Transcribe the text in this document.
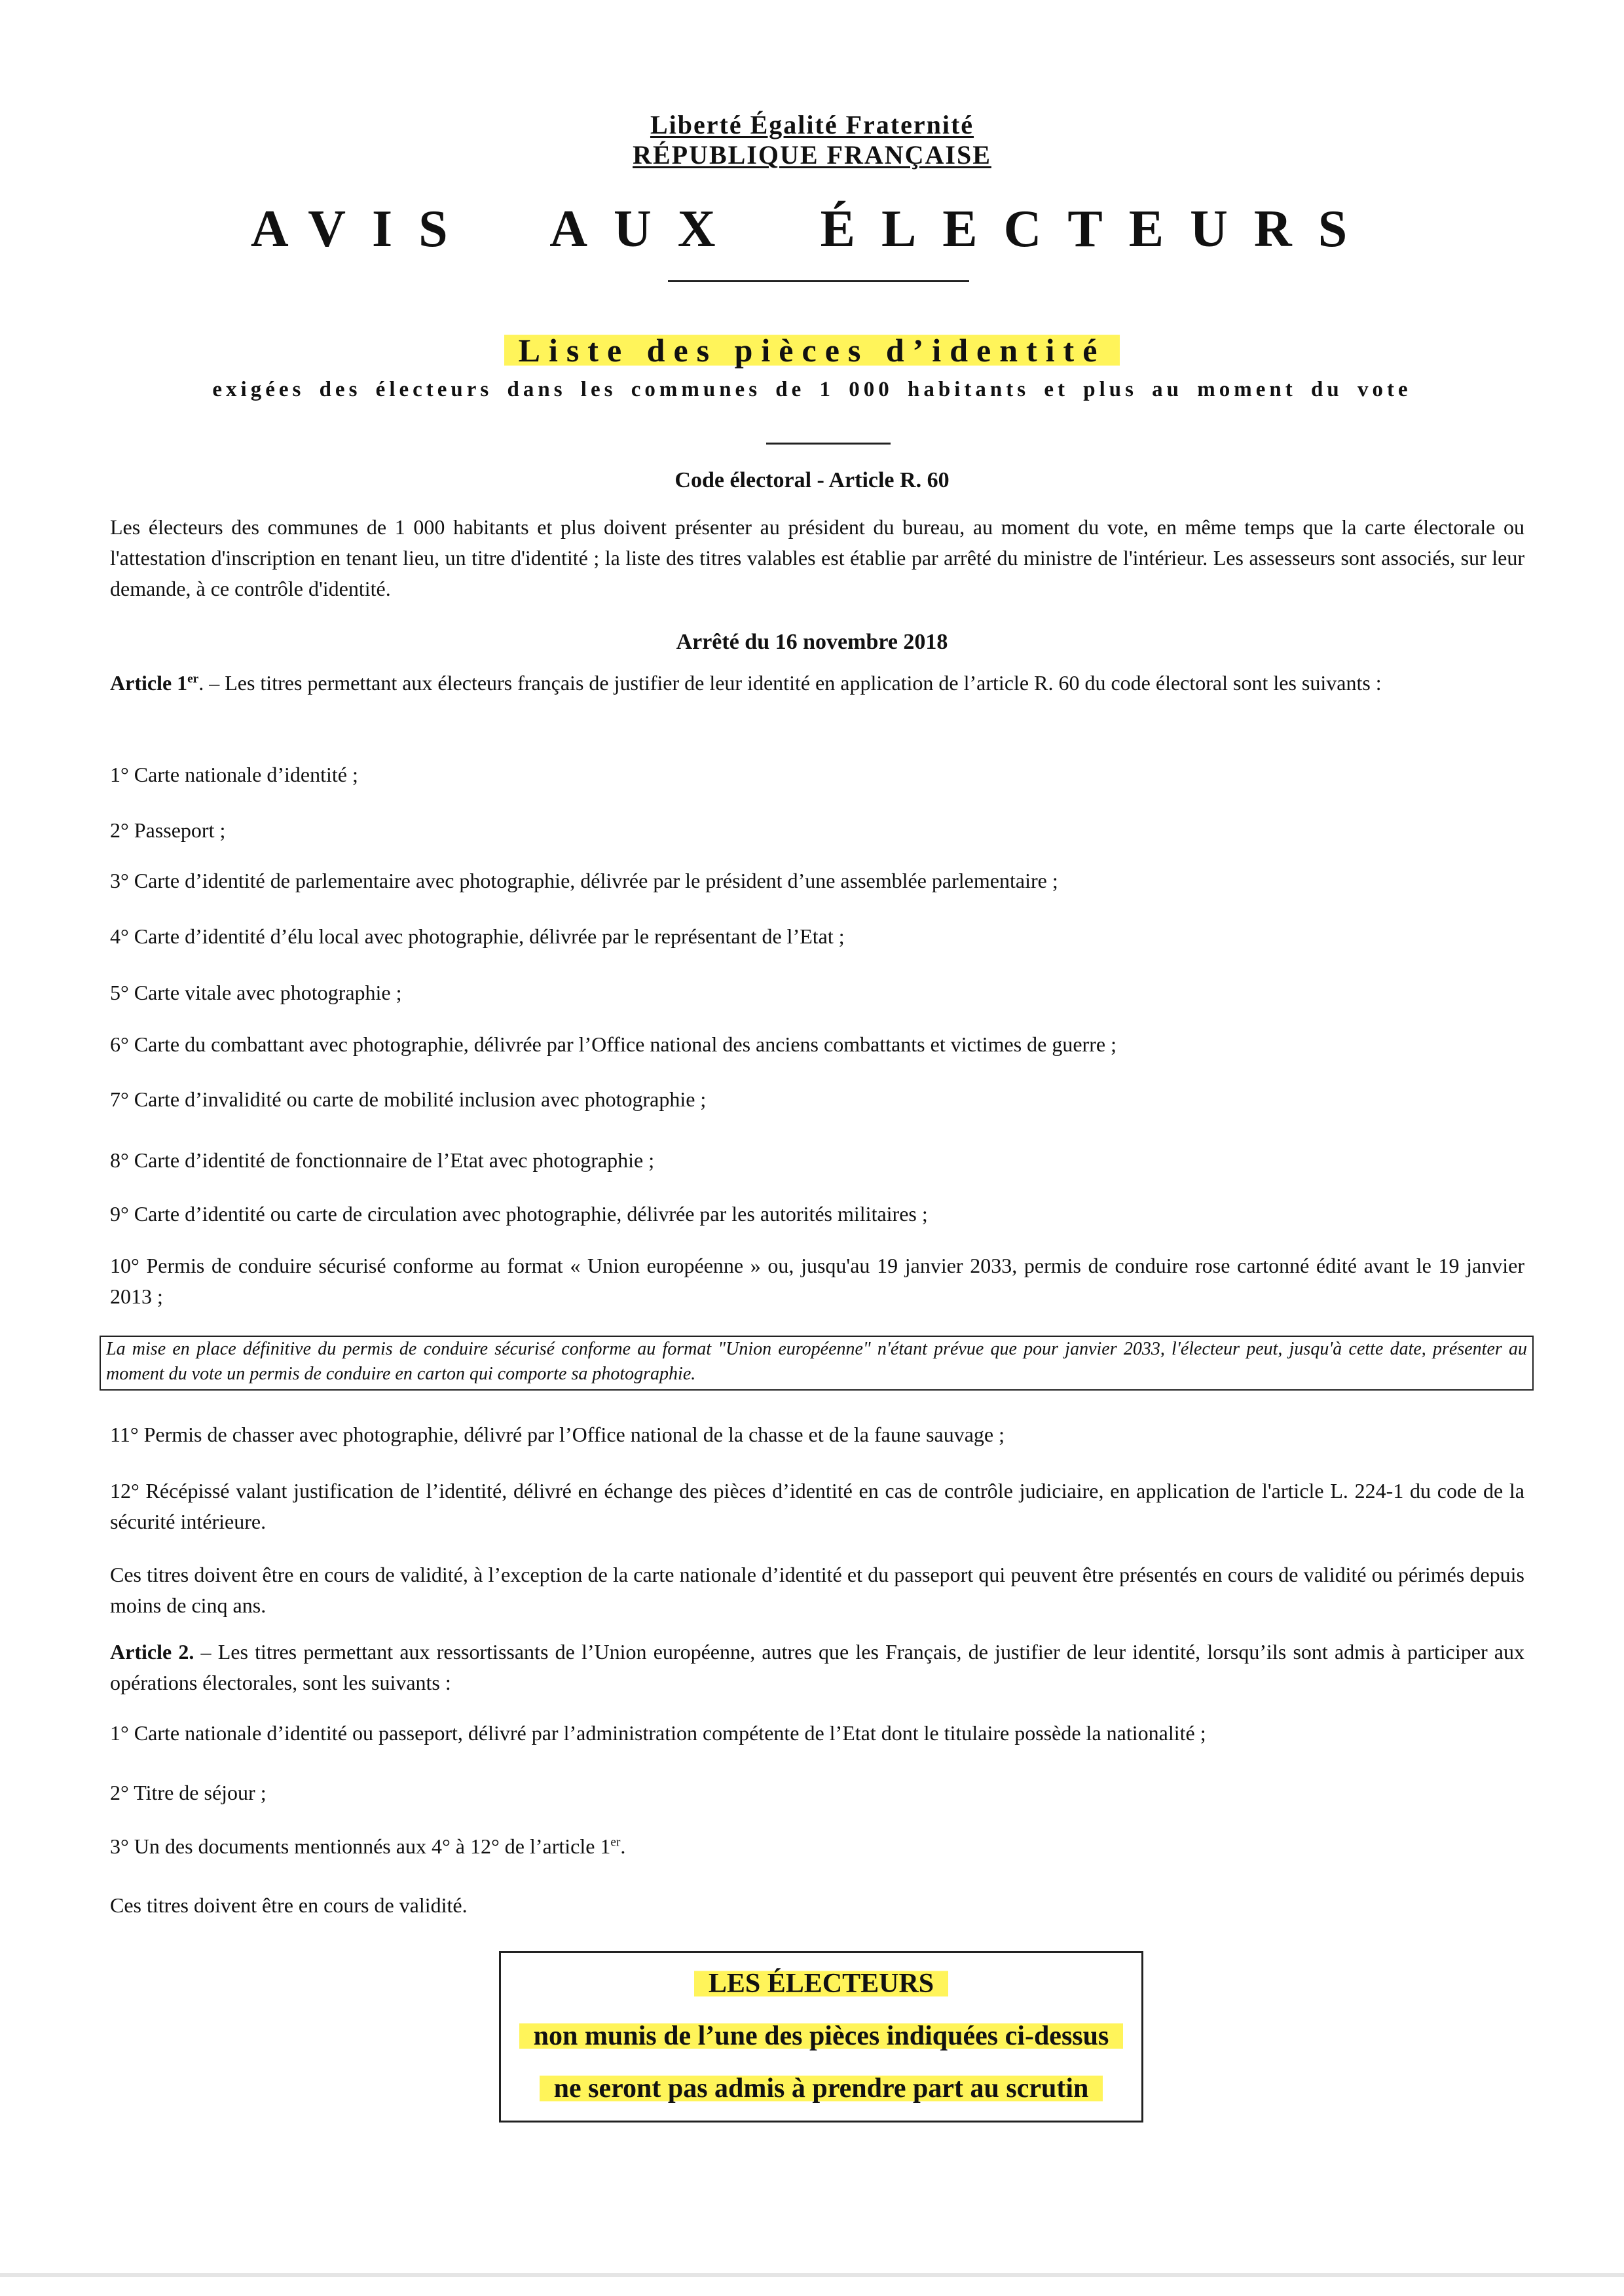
Liberté Égalité Fraternité
RÉPUBLIQUE FRANÇAISE
AVIS AUX ÉLECTEURS
Liste des pièces d’identité
exigées des électeurs dans les communes de 1 000 habitants et plus au moment du vote
Code électoral - Article R. 60
Les électeurs des communes de 1 000 habitants et plus doivent présenter au président du bureau, au moment du vote, en même temps que la carte électorale ou l'attestation d'inscription en tenant lieu, un titre d'identité ; la liste des titres valables est établie par arrêté du ministre de l'intérieur. Les assesseurs sont associés, sur leur demande, à ce contrôle d'identité.
Arrêté du 16 novembre 2018
Article 1er. – Les titres permettant aux électeurs français de justifier de leur identité en application de l’article R. 60 du code électoral sont les suivants :
1° Carte nationale d’identité ;
2° Passeport ;
3° Carte d’identité de parlementaire avec photographie, délivrée par le président d’une assemblée parlementaire ;
4° Carte d’identité d’élu local avec photographie, délivrée par le représentant de l’Etat ;
5° Carte vitale avec photographie ;
6° Carte du combattant avec photographie, délivrée par l’Office national des anciens combattants et victimes de guerre ;
7° Carte d’invalidité ou carte de mobilité inclusion avec photographie ;
8° Carte d’identité de fonctionnaire de l’Etat avec photographie ;
9° Carte d’identité ou carte de circulation avec photographie, délivrée par les autorités militaires ;
10° Permis de conduire sécurisé conforme au format « Union européenne » ou, jusqu'au 19 janvier 2033, permis de conduire rose cartonné édité avant le 19 janvier 2013 ;
La mise en place définitive du permis de conduire sécurisé conforme au format "Union européenne" n'étant prévue que pour janvier 2033, l'électeur peut, jusqu'à cette date, présenter au moment du vote un permis de conduire en carton qui comporte sa photographie.
11° Permis de chasser avec photographie, délivré par l’Office national de la chasse et de la faune sauvage ;
12° Récépissé valant justification de l’identité, délivré en échange des pièces d’identité en cas de contrôle judiciaire, en application de l'article L. 224-1 du code de la sécurité intérieure.
Ces titres doivent être en cours de validité, à l’exception de la carte nationale d’identité et du passeport qui peuvent être présentés en cours de validité ou périmés depuis moins de cinq ans.
Article 2. – Les titres permettant aux ressortissants de l’Union européenne, autres que les Français, de justifier de leur identité, lorsqu’ils sont admis à participer aux opérations électorales, sont les suivants :
1° Carte nationale d’identité ou passeport, délivré par l’administration compétente de l’Etat dont le titulaire possède la nationalité ;
2° Titre de séjour ;
3° Un des documents mentionnés aux 4° à 12° de l’article 1er.
Ces titres doivent être en cours de validité.
LES ÉLECTEURS
non munis de l’une des pièces indiquées ci-dessus
ne seront pas admis à prendre part au scrutin
